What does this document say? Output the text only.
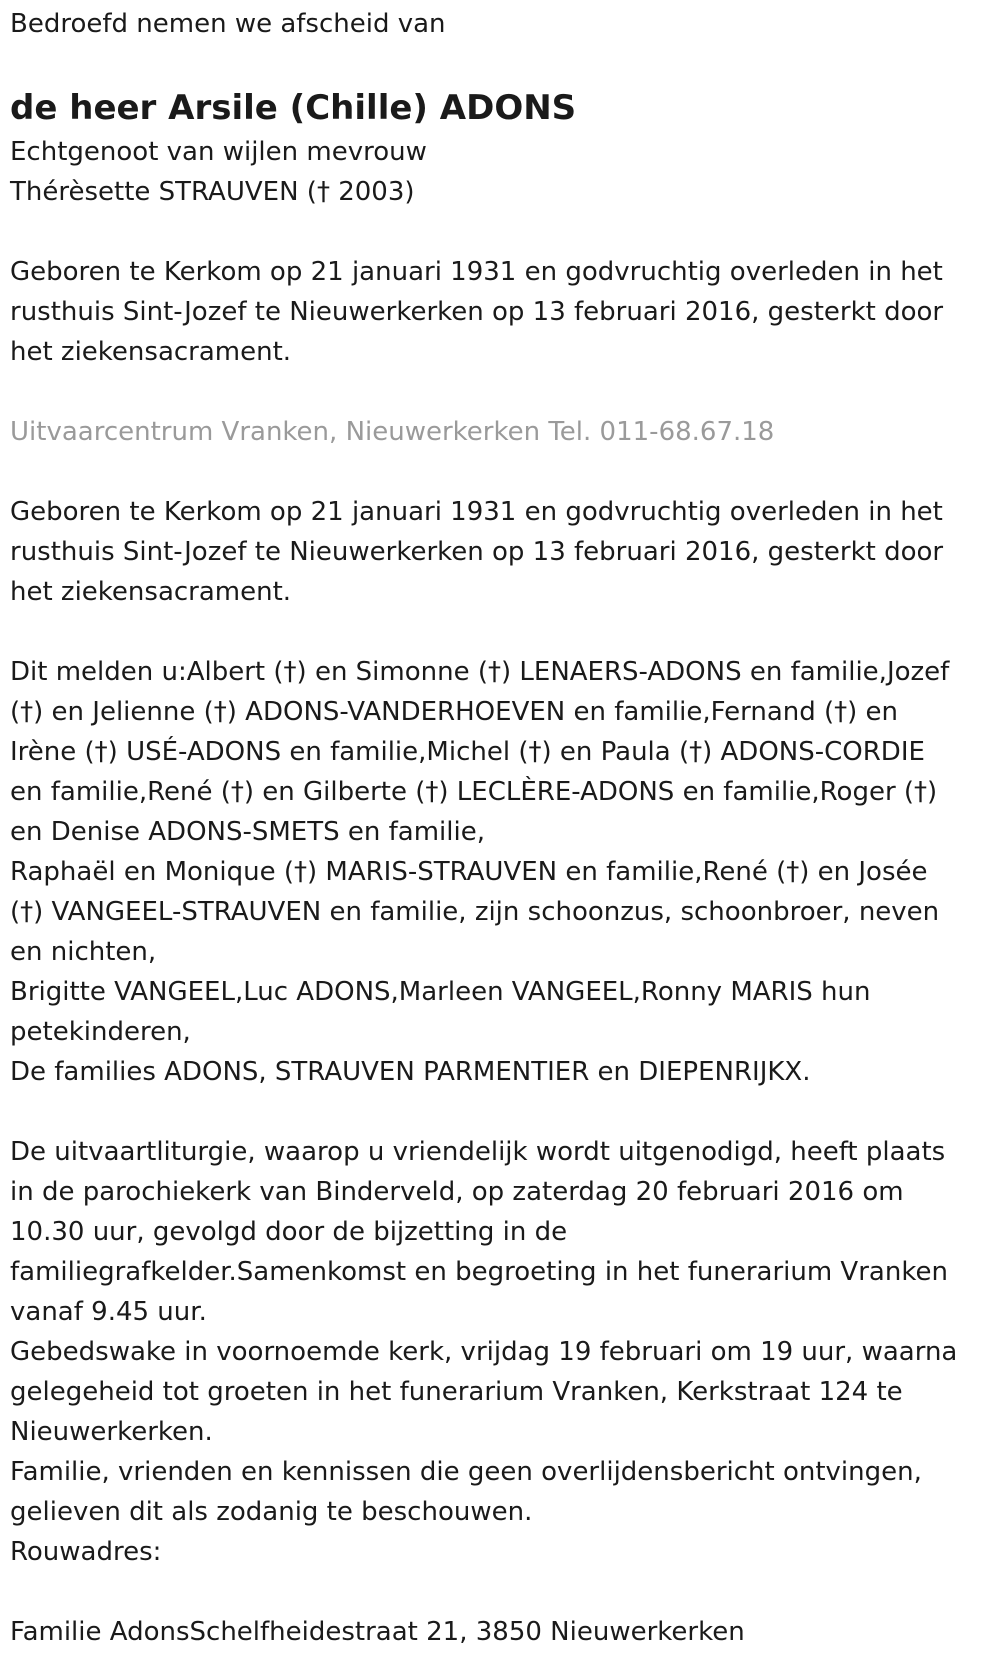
Bedroefd nemen we afscheid van
de heer Arsile (Chille) ADONS
Echtgenoot van wijlen mevrouw
Thérèsette STRAUVEN († 2003)
Geboren te Kerkom op 21 januari 1931 en godvruchtig overleden in het
rusthuis Sint-Jozef te Nieuwerkerken op 13 februari 2016, gesterkt door
het ziekensacrament.
Uitvaarcentrum Vranken, Nieuwerkerken Tel. 011-68.67.18
Geboren te Kerkom op 21 januari 1931 en godvruchtig overleden in het
rusthuis Sint-Jozef te Nieuwerkerken op 13 februari 2016, gesterkt door
het ziekensacrament.
Dit melden u:Albert (†) en Simonne (†) LENAERS-ADONS en familie,Jozef
(†) en Jelienne (†) ADONS-VANDERHOEVEN en familie,Fernand (†) en
Irène (†) USÉ-ADONS en familie,Michel (†) en Paula (†) ADONS-CORDIE
en familie,René (†) en Gilberte (†) LECLÈRE-ADONS en familie,Roger (†)
en Denise ADONS-SMETS en familie,
Raphaël en Monique (†) MARIS-STRAUVEN en familie,René (†) en Josée
(†) VANGEEL-STRAUVEN en familie, zijn schoonzus, schoonbroer, neven
en nichten,
Brigitte VANGEEL,Luc ADONS,Marleen VANGEEL,Ronny MARIS hun
petekinderen,
De families ADONS, STRAUVEN PARMENTIER en DIEPENRIJKX.
De uitvaartliturgie, waarop u vriendelijk wordt uitgenodigd, heeft plaats
in de parochiekerk van Binderveld, op zaterdag 20 februari 2016 om
10.30 uur, gevolgd door de bijzetting in de
familiegrafkelder.Samenkomst en begroeting in het funerarium Vranken
vanaf 9.45 uur.
Gebedswake in voornoemde kerk, vrijdag 19 februari om 19 uur, waarna
gelegeheid tot groeten in het funerarium Vranken, Kerkstraat 124 te
Nieuwerkerken.
Familie, vrienden en kennissen die geen overlijdensbericht ontvingen,
gelieven dit als zodanig te beschouwen.
Rouwadres:
Familie AdonsSchelfheidestraat 21, 3850 Nieuwerkerken
